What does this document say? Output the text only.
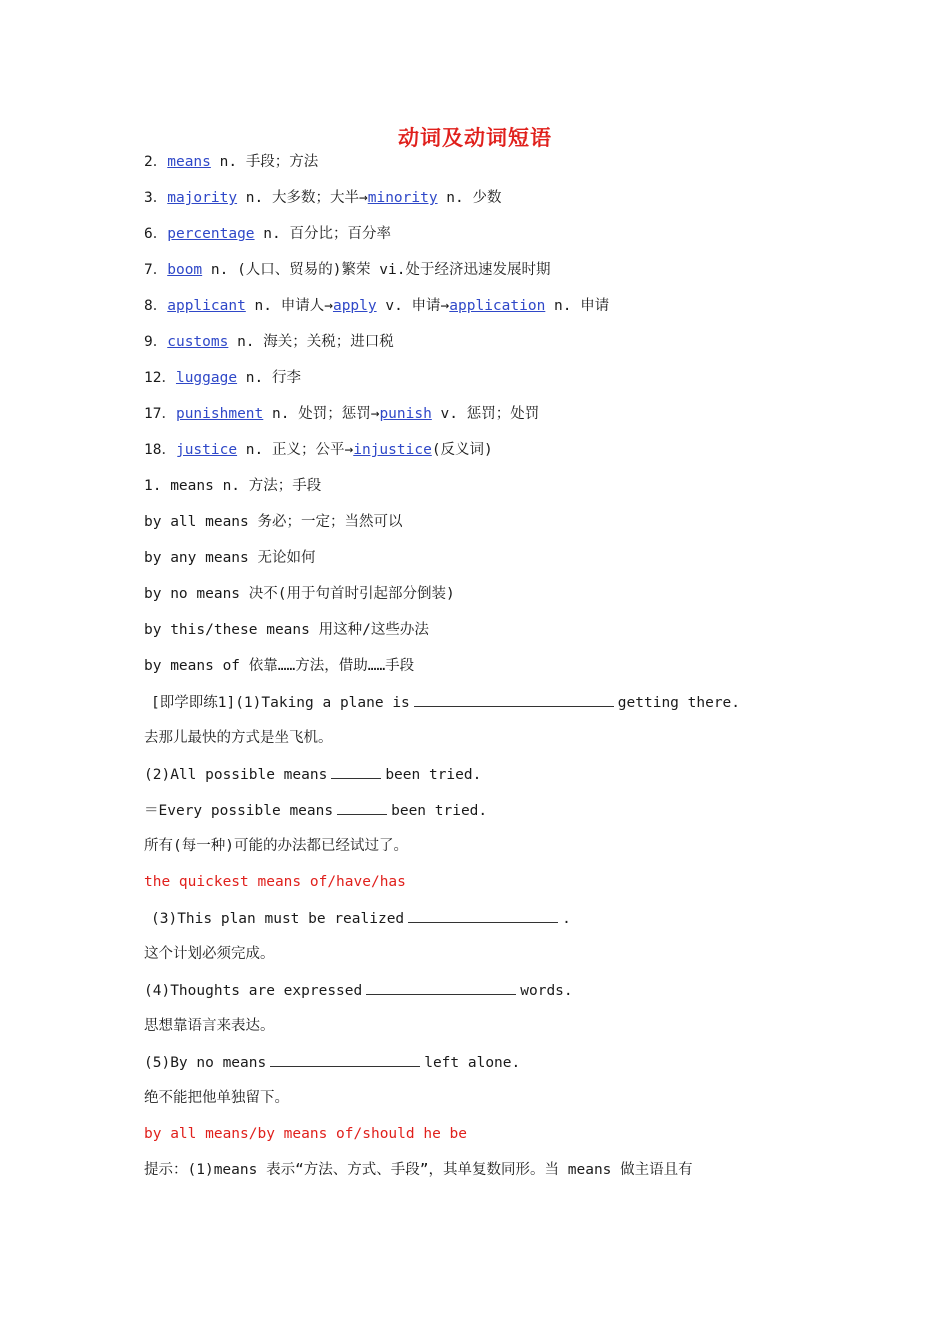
动词及动词短语
2．means n. 手段；方法
3．majority n. 大多数；大半→minority n. 少数
6．percentage n. 百分比；百分率
7．boom n. (人口、贸易的)繁荣 vi.处于经济迅速发展时期
8．applicant n. 申请人→apply v. 申请→application n. 申请
9．customs n. 海关；关税；进口税
12．luggage n. 行李
17．punishment n. 处罚；惩罚→punish v. 惩罚；处罚
18．justice n. 正义；公平→injustice(反义词)
1. means n. 方法；手段
by all means 务必；一定；当然可以
by any means 无论如何
by no means 决不(用于句首时引起部分倒装)
by this/these means 用这种/这些办法
by means of 依靠……方法，借助……手段
[即学即练1](1)Taking a plane is	getting there.
去那儿最快的方式是坐飞机。
(2)All possible means	been tried.
＝Every possible means	been tried.
所有(每一种)可能的办法都已经试过了。
the quickest means of/have/has
(3)This plan must be realized	.
这个计划必须完成。
(4)Thoughts are expressed	words.
思想靠语言来表达。
(5)By no means	left alone.
绝不能把他单独留下。
by all means/by means of/should he be
提示：(1)means 表示“方法、方式、手段”，其单复数同形。当 means 做主语且有
